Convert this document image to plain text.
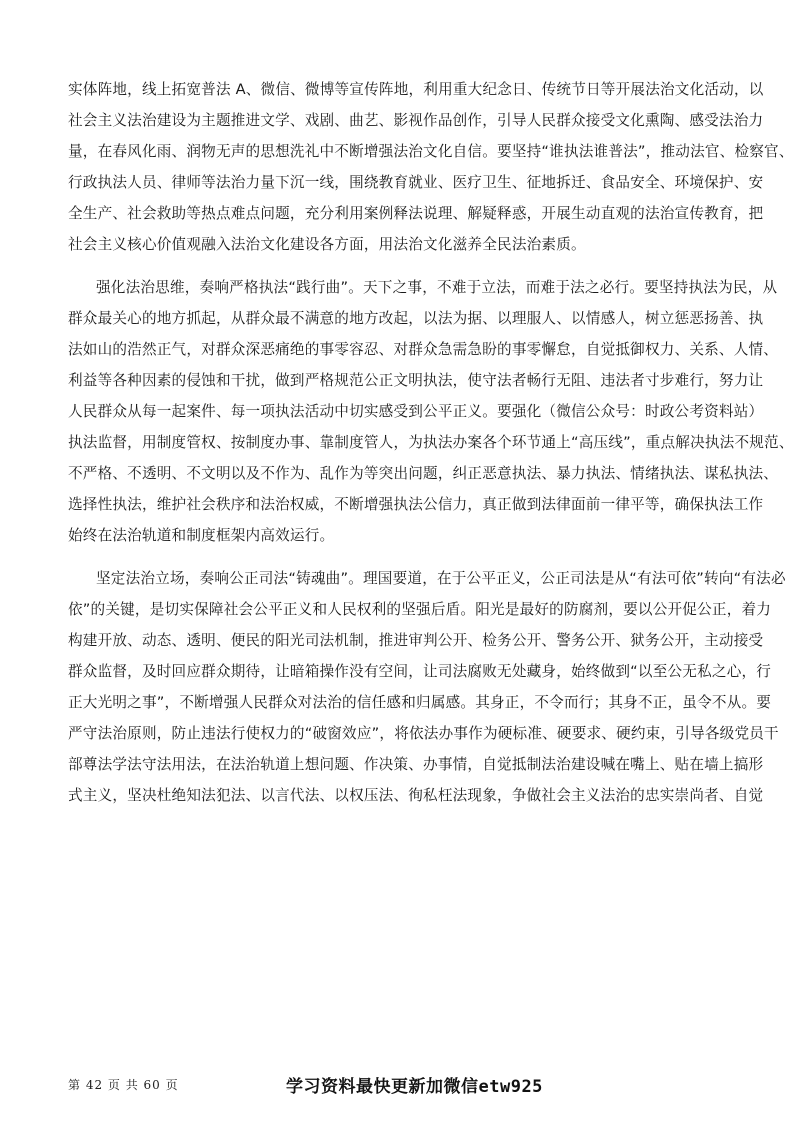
实体阵地，线上拓宽普法 A、微信、微博等宣传阵地，利用重大纪念日、传统节日等开展法治文化活动，以
社会主义法治建设为主题推进文学、戏剧、曲艺、影视作品创作，引导人民群众接受文化熏陶、感受法治力
量，在春风化雨、润物无声的思想洗礼中不断增强法治文化自信。要坚持“谁执法谁普法”，推动法官、检察官、
行政执法人员、律师等法治力量下沉一线，围绕教育就业、医疗卫生、征地拆迁、食品安全、环境保护、安
全生产、社会救助等热点难点问题，充分利用案例释法说理、解疑释惑，开展生动直观的法治宣传教育，把
社会主义核心价值观融入法治文化建设各方面，用法治文化滋养全民法治素质。
强化法治思维，奏响严格执法“践行曲”。天下之事，不难于立法，而难于法之必行。要坚持执法为民，从
群众最关心的地方抓起，从群众最不满意的地方改起，以法为据、以理服人、以情感人，树立惩恶扬善、执
法如山的浩然正气，对群众深恶痛绝的事零容忍、对群众急需急盼的事零懈怠，自觉抵御权力、关系、人情、
利益等各种因素的侵蚀和干扰，做到严格规范公正文明执法，使守法者畅行无阻、违法者寸步难行，努力让
人民群众从每一起案件、每一项执法活动中切实感受到公平正义。要强化（微信公众号：时政公考资料站）
执法监督，用制度管权、按制度办事、靠制度管人，为执法办案各个环节通上“高压线”，重点解决执法不规范、
不严格、不透明、不文明以及不作为、乱作为等突出问题，纠正恶意执法、暴力执法、情绪执法、谋私执法、
选择性执法，维护社会秩序和法治权威，不断增强执法公信力，真正做到法律面前一律平等，确保执法工作
始终在法治轨道和制度框架内高效运行。
坚定法治立场，奏响公正司法“铸魂曲”。理国要道，在于公平正义，公正司法是从“有法可依”转向“有法必
依”的关键，是切实保障社会公平正义和人民权利的坚强后盾。阳光是最好的防腐剂，要以公开促公正，着力
构建开放、动态、透明、便民的阳光司法机制，推进审判公开、检务公开、警务公开、狱务公开，主动接受
群众监督，及时回应群众期待，让暗箱操作没有空间，让司法腐败无处藏身，始终做到“以至公无私之心，行
正大光明之事”，不断增强人民群众对法治的信任感和归属感。其身正，不令而行；其身不正，虽令不从。要
严守法治原则，防止违法行使权力的“破窗效应”，将依法办事作为硬标准、硬要求、硬约束，引导各级党员干
部尊法学法守法用法，在法治轨道上想问题、作决策、办事情，自觉抵制法治建设喊在嘴上、贴在墙上搞形
式主义，坚决杜绝知法犯法、以言代法、以权压法、徇私枉法现象，争做社会主义法治的忠实崇尚者、自觉
第 42 页 共 60 页	学习资料最快更新加微信etw925
